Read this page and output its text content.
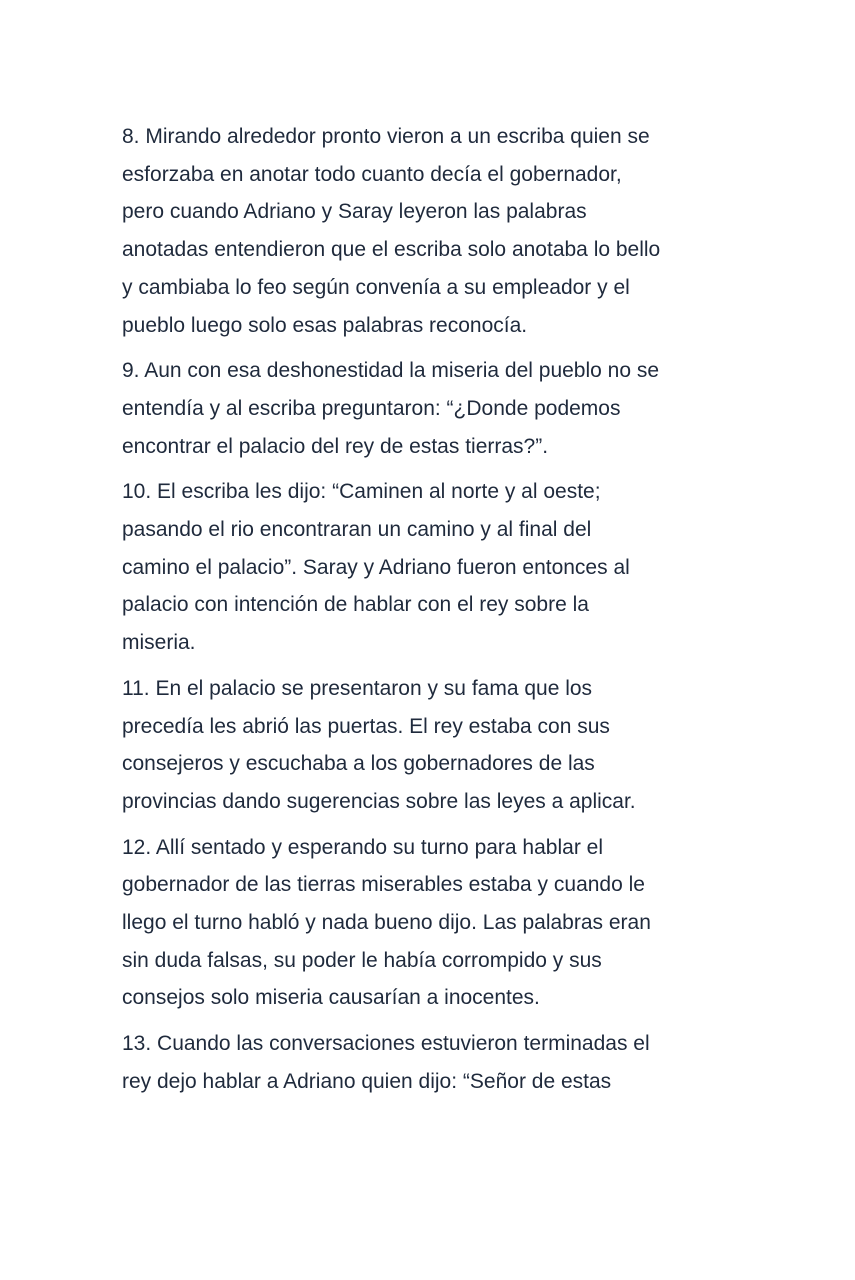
8. Mirando alrededor pronto vieron a un escriba quien se
esforzaba en anotar todo cuanto decía el gobernador,
pero cuando Adriano y Saray leyeron las palabras
anotadas entendieron que el escriba solo anotaba lo bello
y cambiaba lo feo según convenía a su empleador y el
pueblo luego solo esas palabras reconocía.

9. Aun con esa deshonestidad la miseria del pueblo no se
entendía y al escriba preguntaron: “¿Donde podemos
encontrar el palacio del rey de estas tierras?”.

10. El escriba les dijo: “Caminen al norte y al oeste;
pasando el rio encontraran un camino y al final del
camino el palacio”. Saray y Adriano fueron entonces al
palacio con intención de hablar con el rey sobre la
miseria.

11. En el palacio se presentaron y su fama que los
precedía les abrió las puertas. El rey estaba con sus
consejeros y escuchaba a los gobernadores de las
provincias dando sugerencias sobre las leyes a aplicar.

12. Allí sentado y esperando su turno para hablar el
gobernador de las tierras miserables estaba y cuando le
llego el turno habló y nada bueno dijo. Las palabras eran
sin duda falsas, su poder le había corrompido y sus
consejos solo miseria causarían a inocentes.

13. Cuando las conversaciones estuvieron terminadas el
rey dejo hablar a Adriano quien dijo: “Señor de estas
